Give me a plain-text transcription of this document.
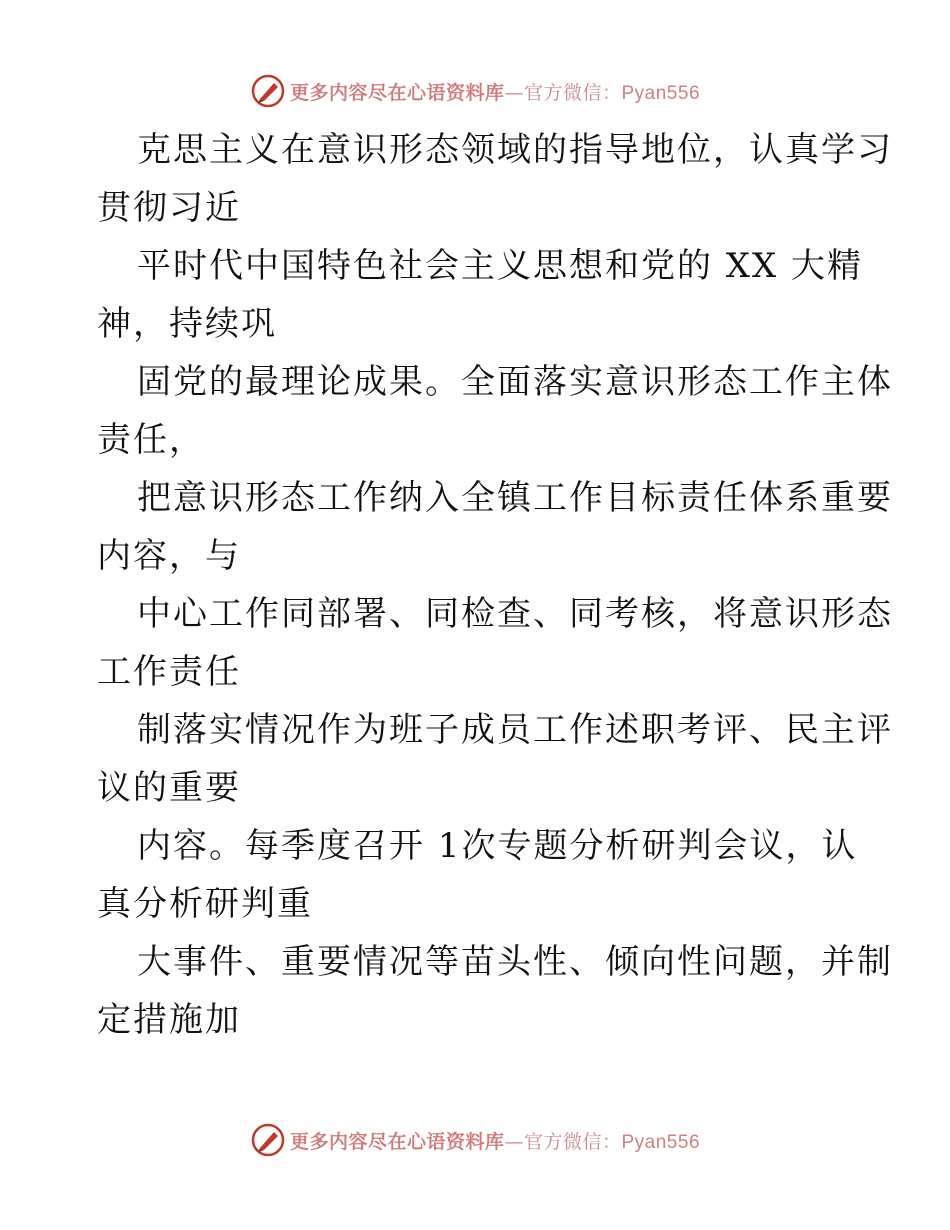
更多内容尽在心语资料库—官方微信：Pyan556
克思主义在意识形态领域的指导地位，认真学习
贯彻习近
平时代中国特色社会主义思想和党的 XX 大精
神，持续巩
固党的最理论成果。全面落实意识形态工作主体
责任，
把意识形态工作纳入全镇工作目标责任体系重要
内容，与
中心工作同部署、同检查、同考核，将意识形态
工作责任
制落实情况作为班子成员工作述职考评、民主评
议的重要
内容。每季度召开 1次专题分析研判会议，认
真分析研判重
大事件、重要情况等苗头性、倾向性问题，并制
定措施加
更多内容尽在心语资料库—官方微信：Pyan556
